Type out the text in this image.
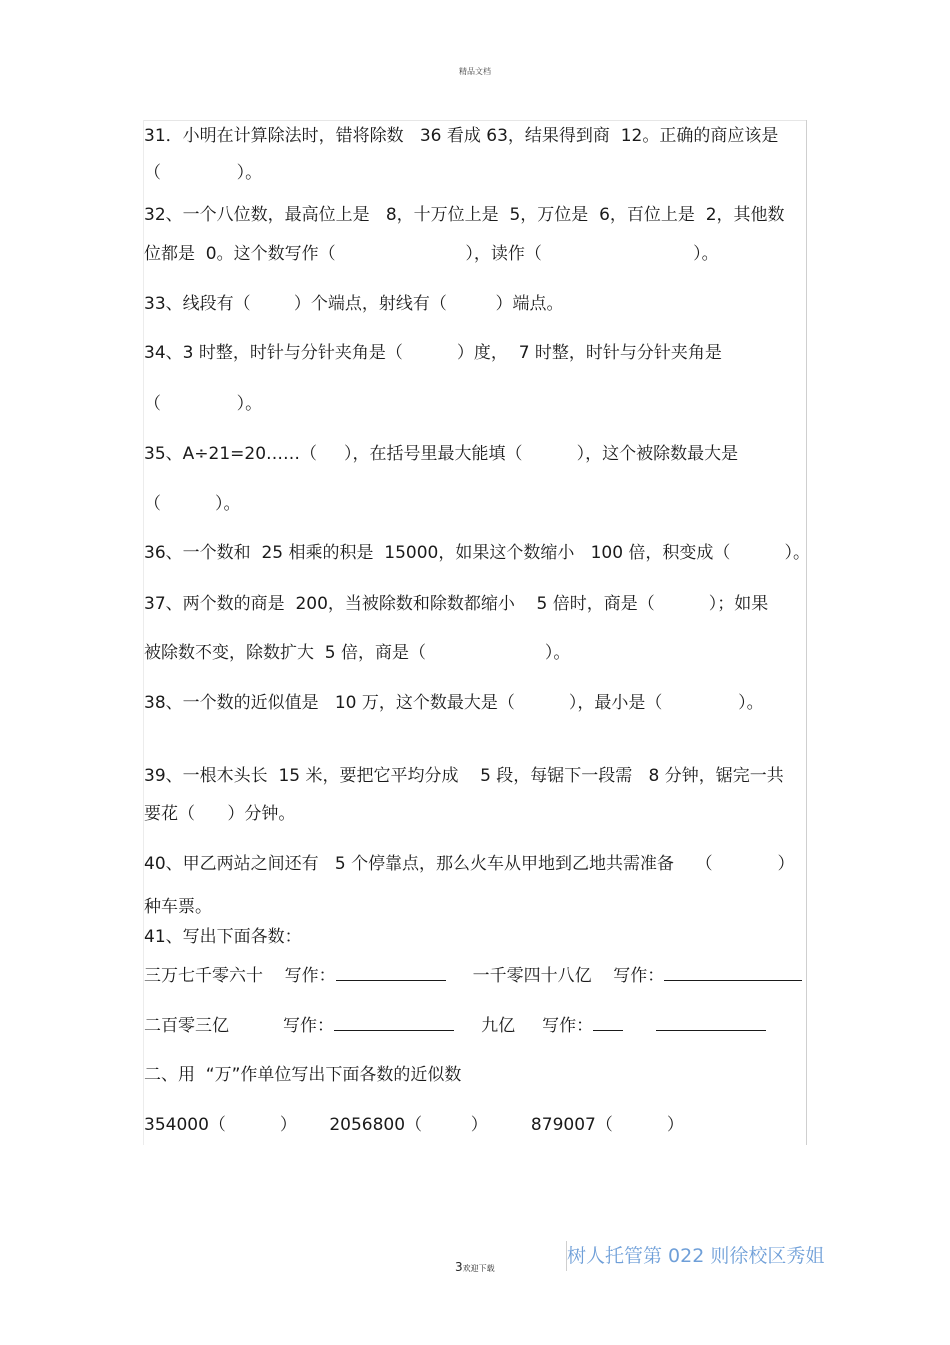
精品文档
31．小明在计算除法时，错将除数   36 看成 63，结果得到商  12。正确的商应该是
（              ）。
32、一个八位数，最高位上是   8，十万位上是  5，万位是  6，百位上是  2，其他数
位都是  0。这个数写作（                        ），读作（                            ）。
33、线段有（        ）个端点，射线有（         ）端点。
34、3 时整，时针与分针夹角是（          ）度，  7 时整，时针与分针夹角是
（              ）。
35、A÷21=20……（     ），在括号里最大能填（          ），这个被除数最大是
（          ）。
36、一个数和  25 相乘的积是  15000，如果这个数缩小   100 倍，积变成（          ）。
37、两个数的商是  200，当被除数和除数都缩小    5 倍时，商是（          ）；如果
被除数不变，除数扩大  5 倍，商是（                      ）。
38、一个数的近似值是   10 万，这个数最大是（          ），最小是（              ）。
39、一根木头长  15 米，要把它平均分成    5 段，每锯下一段需   8 分钟，锯完一共
要花（      ）分钟。
40、甲乙两站之间还有   5 个停靠点，那么火车从甲地到乙地共需准备    （            ）
种车票。
41、写出下面各数：
三万七千零六十    写作：	一千零四十八亿    写作：
二百零三亿          写作：	九亿     写作：
二、用  “万”作单位写出下面各数的近似数
354000（          ）      2056800（         ）        879007（          ）
3欢迎下载
树人托管第 022 则徐校区秀姐
